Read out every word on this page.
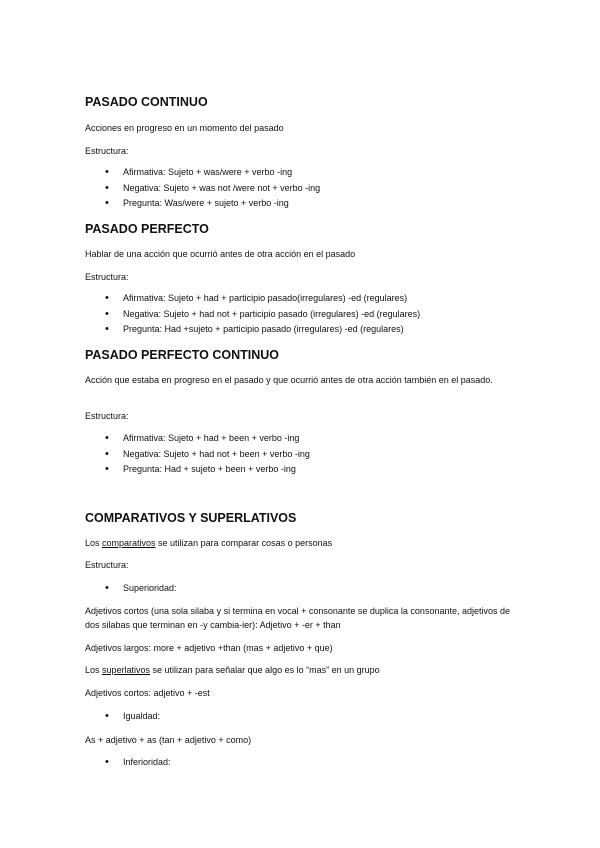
PASADO CONTINUO

Acciones en progreso en un momento del pasado

Estructura:

• Afirmativa: Sujeto + was/were + verbo -ing
• Negativa: Sujeto + was not /were not + verbo -ing
• Pregunta: Was/were + sujeto + verbo -ing
PASADO PERFECTO

Hablar de una acción que ocurrió antes de otra acción en el pasado

Estructura:

• Afirmativa: Sujeto + had + participio pasado(irregulares) -ed (regulares)
• Negativa: Sujeto + had not + participio pasado (irregulares) -ed (regulares)
• Pregunta: Had +sujeto + participio pasado (irregulares) -ed (regulares)
PASADO PERFECTO CONTINUO

Acción que estaba en progreso en el pasado y que ocurrió antes de otra acción también en el pasado.

Estructura:

• Afirmativa: Sujeto + had + been + verbo -ing
• Negativa: Sujeto + had not + been + verbo -ing
• Pregunta: Had + sujeto + been + verbo -ing
COMPARATIVOS Y SUPERLATIVOS

Los comparativos se utilizan para comparar cosas o personas

Estructura:

• Superioridad:

Adjetivos cortos (una sola silaba y si termina en vocal + consonante se duplica la consonante, adjetivos de dos silabas que terminan en -y cambia-ier): Adjetivo + -er + than

Adjetivos largos: more + adjetivo +than (mas + adjetivo + que)

Los superlativos se utilizan para señalar que algo es lo “mas” en un grupo

Adjetivos cortos: adjetivo + -est

• Igualdad:

As + adjetivo + as (tan + adjetivo + como)

• Inferioridad:
